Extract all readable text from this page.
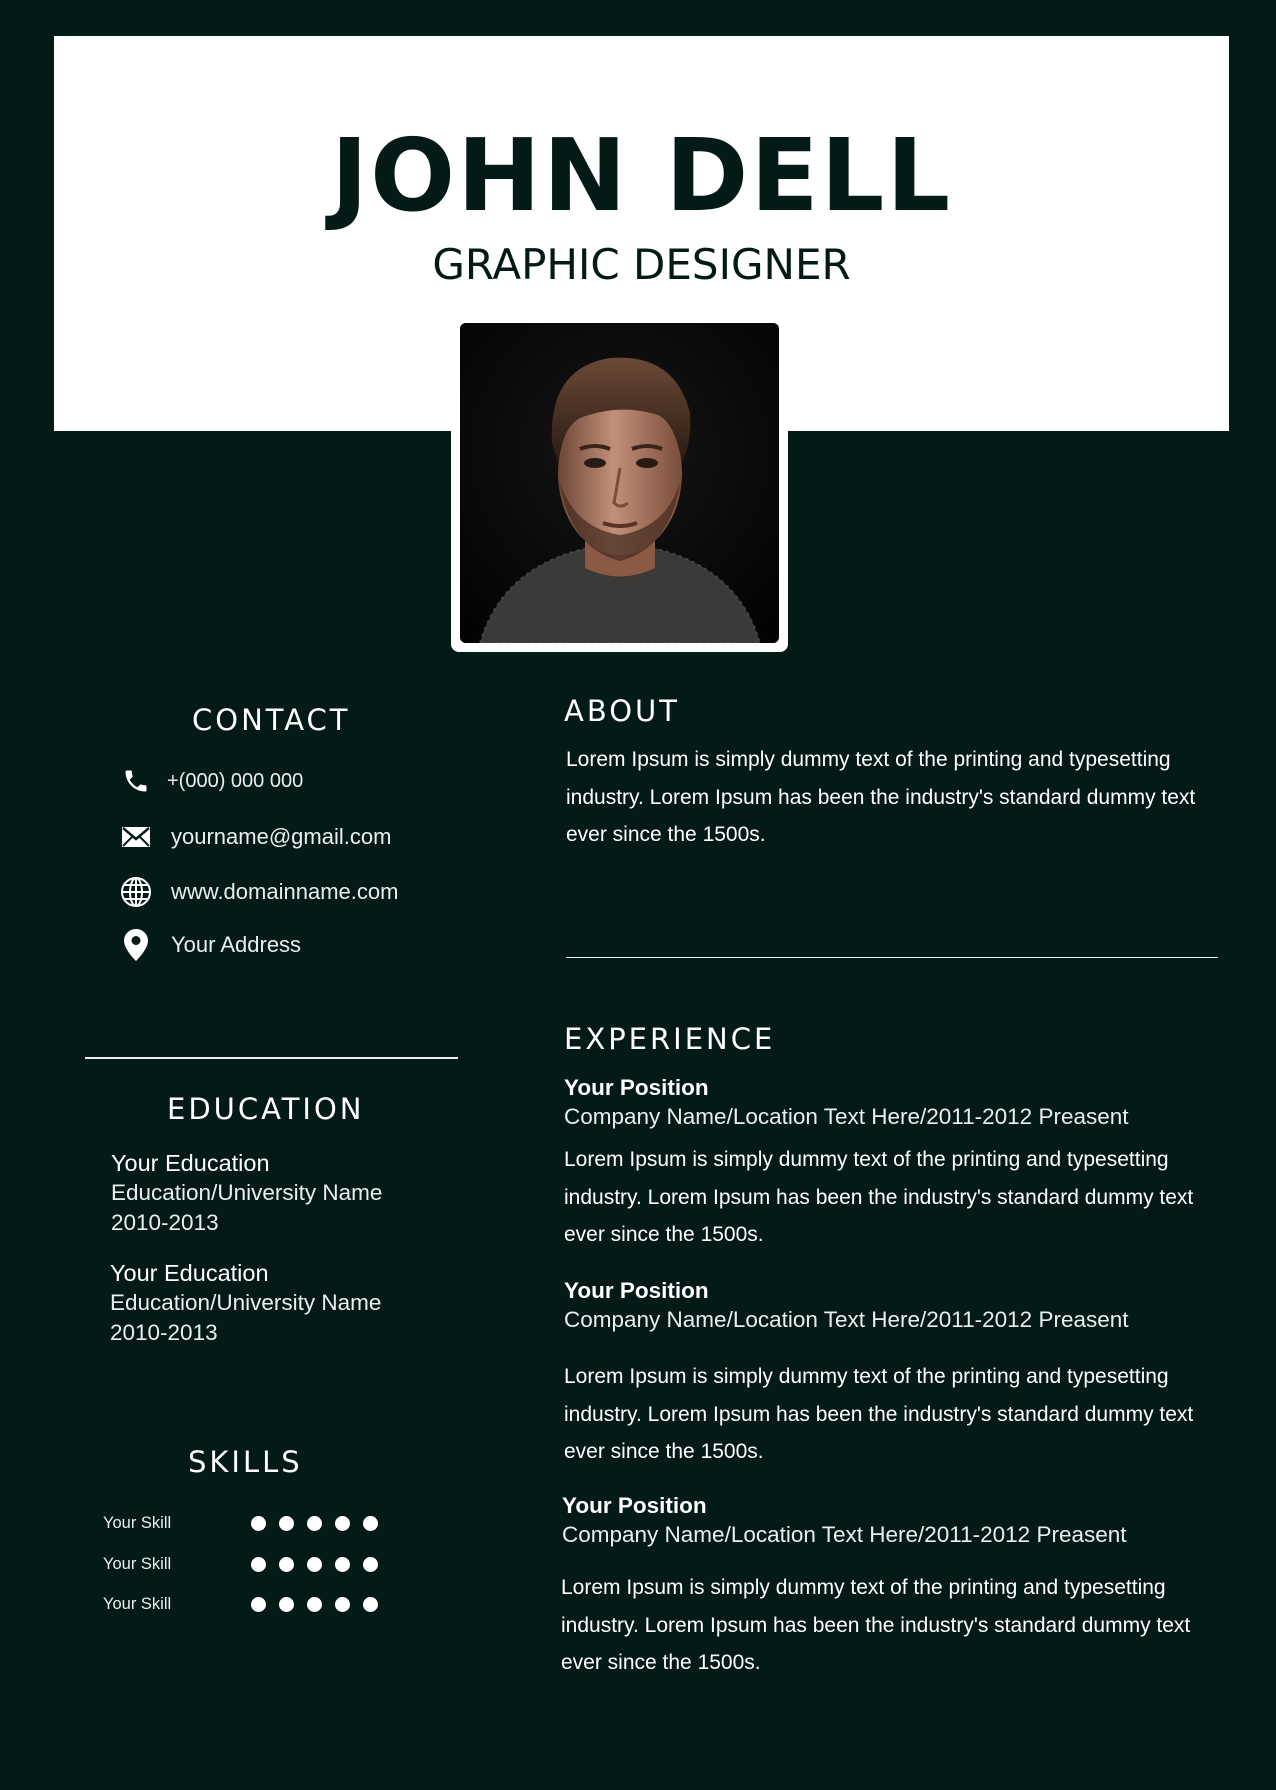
JOHN DELL
GRAPHIC DESIGNER
CONTACT
+(000) 000 000
yourname@gmail.com
www.domainname.com
Your Address
EDUCATION
Your Education
Education/University Name
2010-2013
Your Education
Education/University Name
2010-2013
SKILLS
Your Skill
Your Skill
Your Skill
ABOUT
Lorem Ipsum is simply dummy text of the printing and typesetting industry. Lorem Ipsum has been the industry's standard dummy text ever since the 1500s.
EXPERIENCE
Your Position
Company Name/Location Text Here/2011-2012 Preasent
Lorem Ipsum is simply dummy text of the printing and typesetting industry. Lorem Ipsum has been the industry's standard dummy text ever since the 1500s.
Your Position
Company Name/Location Text Here/2011-2012 Preasent
Lorem Ipsum is simply dummy text of the printing and typesetting industry. Lorem Ipsum has been the industry's standard dummy text ever since the 1500s.
Your Position
Company Name/Location Text Here/2011-2012 Preasent
Lorem Ipsum is simply dummy text of the printing and typesetting industry. Lorem Ipsum has been the industry's standard dummy text ever since the 1500s.
